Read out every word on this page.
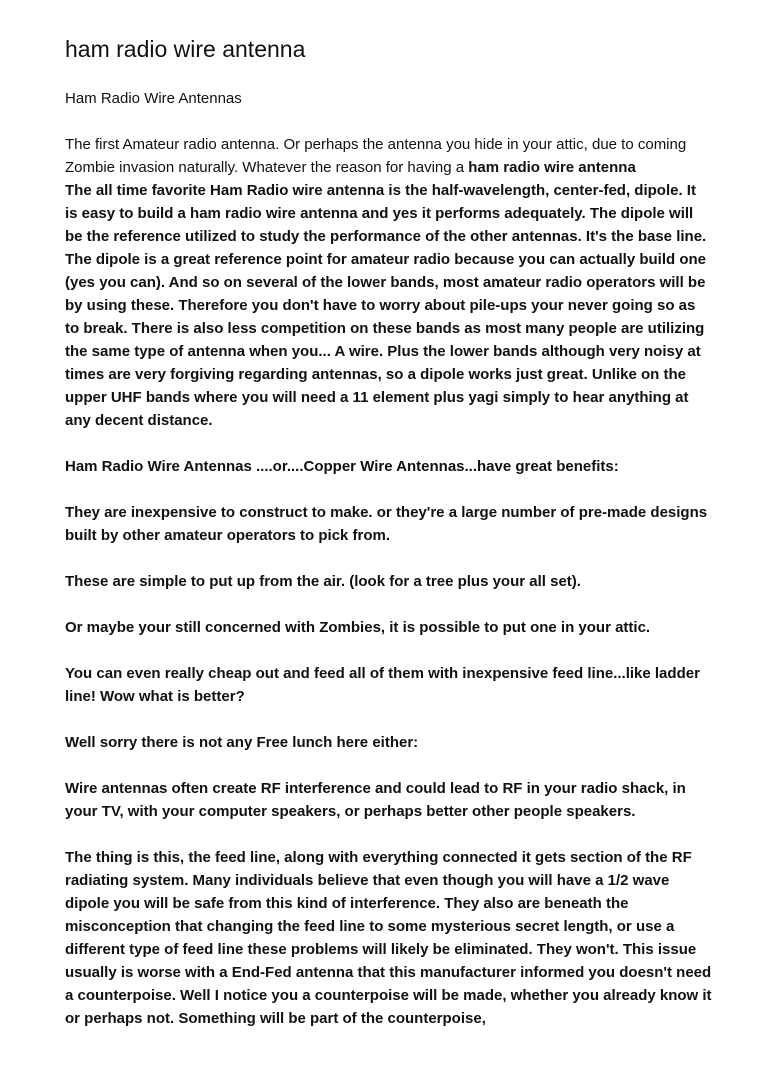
ham radio wire antenna
Ham Radio Wire Antennas
The first Amateur radio antenna. Or perhaps the antenna you hide in your attic, due to coming Zombie invasion naturally. Whatever the reason for having a ham radio wire antenna
The all time favorite Ham Radio wire antenna is the half-wavelength, center-fed, dipole. It is easy to build a ham radio wire antenna and yes it performs adequately. The dipole will be the reference utilized to study the performance of the other antennas. It's the base line. The dipole is a great reference point for amateur radio because you can actually build one (yes you can). And so on several of the lower bands, most amateur radio operators will be by using these. Therefore you don't have to worry about pile-ups your never going so as to break. There is also less competition on these bands as most many people are utilizing the same type of antenna when you... A wire. Plus the lower bands although very noisy at times are very forgiving regarding antennas, so a dipole works just great. Unlike on the upper UHF bands where you will need a 11 element plus yagi simply to hear anything at any decent distance.
Ham Radio Wire Antennas ....or....Copper Wire Antennas...have great benefits:
They are inexpensive to construct to make. or they're a large number of pre-made designs built by other amateur operators to pick from.
These are simple to put up from the air. (look for a tree plus your all set).
Or maybe your still concerned with Zombies, it is possible to put one in your attic.
You can even really cheap out and feed all of them with inexpensive feed line...like ladder line! Wow what is better?
Well sorry there is not any Free lunch here either:
Wire antennas often create RF interference and could lead to RF in your radio shack, in your TV, with your computer speakers, or perhaps better other people speakers.
The thing is this, the feed line, along with everything connected it gets section of the RF radiating system. Many individuals believe that even though you will have a 1/2 wave dipole you will be safe from this kind of interference. They also are beneath the misconception that changing the feed line to some mysterious secret length, or use a different type of feed line these problems will likely be eliminated. They won't. This issue usually is worse with a End-Fed antenna that this manufacturer informed you doesn't need a counterpoise. Well I notice you a counterpoise will be made, whether you already know it or perhaps not. Something will be part of the counterpoise,
